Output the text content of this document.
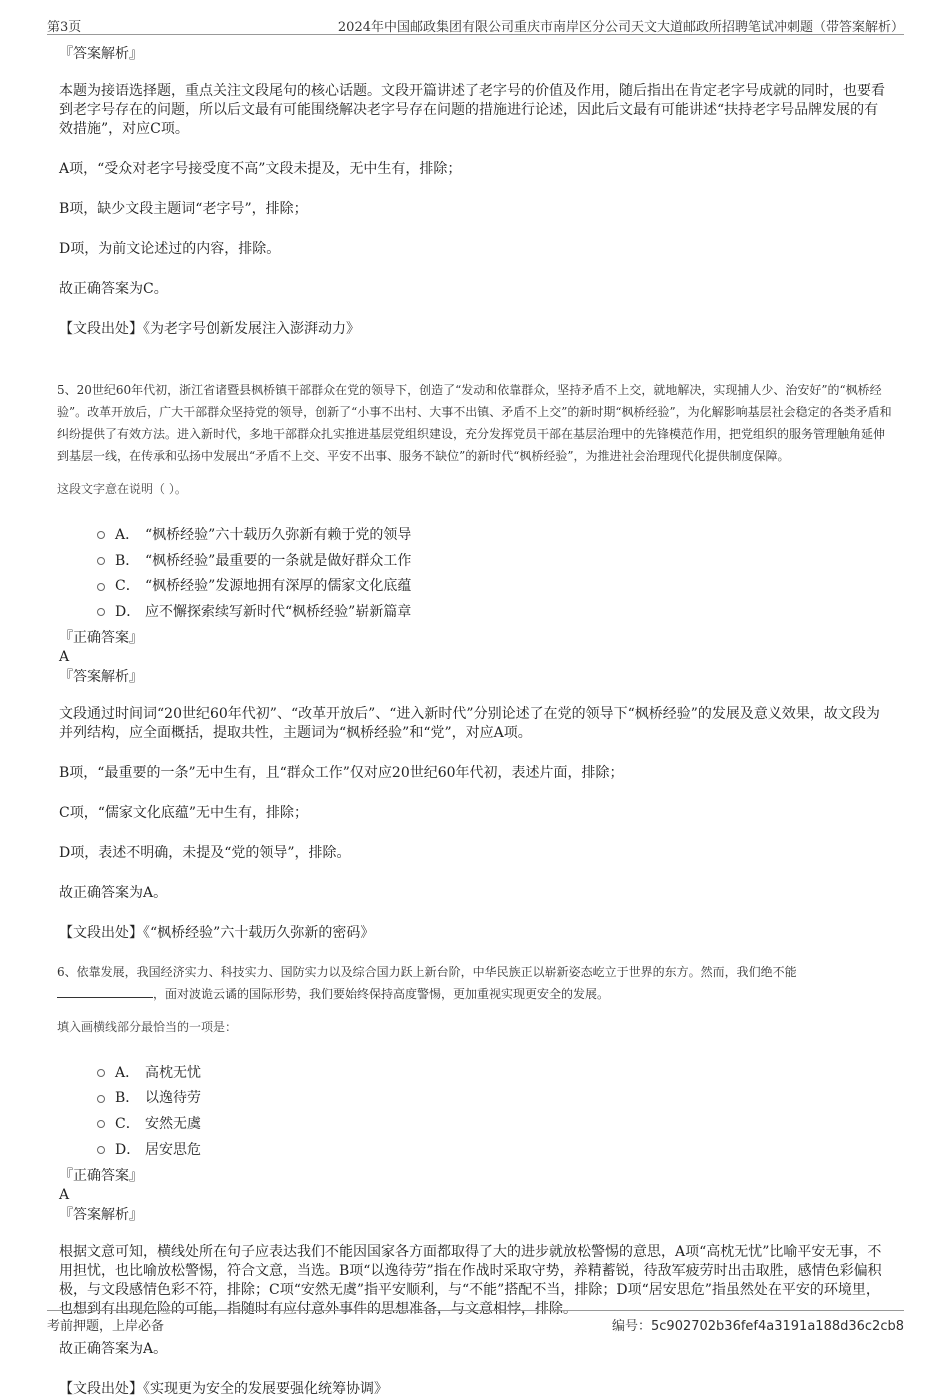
第3页	2024年中国邮政集团有限公司重庆市南岸区分公司天文大道邮政所招聘笔试冲刺题（带答案解析）

『答案解析』

本题为接语选择题，重点关注文段尾句的核心话题。文段开篇讲述了老字号的价值及作用，随后指出在肯定老字号成就的同时，也要看到老字号存在的问题，所以后文最有可能围绕解决老字号存在问题的措施进行论述，因此后文最有可能讲述“扶持老字号品牌发展的有效措施”，对应C项。

A项，“受众对老字号接受度不高”文段未提及，无中生有，排除；

B项，缺少文段主题词“老字号”，排除；

D项，为前文论述过的内容，排除。

故正确答案为C。

【文段出处】《为老字号创新发展注入澎湃动力》

5、20世纪60年代初，浙江省诸暨县枫桥镇干部群众在党的领导下，创造了“发动和依靠群众，坚持矛盾不上交，就地解决，实现捕人少、治安好”的“枫桥经验”。改革开放后，广大干部群众坚持党的领导，创新了“小事不出村、大事不出镇、矛盾不上交”的新时期“枫桥经验”，为化解影响基层社会稳定的各类矛盾和纠纷提供了有效方法。进入新时代，多地干部群众扎实推进基层党组织建设，充分发挥党员干部在基层治理中的先锋模范作用，把党组织的服务管理触角延伸到基层一线，在传承和弘扬中发展出“矛盾不上交、平安不出事、服务不缺位”的新时代“枫桥经验”，为推进社会治理现代化提供制度保障。

这段文字意在说明（ ）。

A． “枫桥经验”六十载历久弥新有赖于党的领导
B． “枫桥经验”最重要的一条就是做好群众工作
C． “枫桥经验”发源地拥有深厚的儒家文化底蕴
D． 应不懈探索续写新时代“枫桥经验”崭新篇章

『正确答案』

A

『答案解析』

文段通过时间词“20世纪60年代初”、“改革开放后”、“进入新时代”分别论述了在党的领导下“枫桥经验”的发展及意义效果，故文段为并列结构，应全面概括，提取共性，主题词为“枫桥经验”和“党”，对应A项。

B项，“最重要的一条”无中生有，且“群众工作”仅对应20世纪60年代初，表述片面，排除；

C项，“儒家文化底蕴”无中生有，排除；

D项，表述不明确，未提及“党的领导”，排除。

故正确答案为A。

【文段出处】《“枫桥经验”六十载历久弥新的密码》

6、依靠发展，我国经济实力、科技实力、国防实力以及综合国力跃上新台阶，中华民族正以崭新姿态屹立于世界的东方。然而，我们绝不能，面对波诡云谲的国际形势，我们要始终保持高度警惕，更加重视实现更安全的发展。

填入画横线部分最恰当的一项是：

A． 高枕无忧
B． 以逸待劳
C． 安然无虞
D． 居安思危

『正确答案』

A

『答案解析』

根据文意可知，横线处所在句子应表达我们不能因国家各方面都取得了大的进步就放松警惕的意思，A项“高枕无忧”比喻平安无事，不用担忧，也比喻放松警惕，符合文意，当选。B项“以逸待劳”指在作战时采取守势，养精蓄锐，待敌军疲劳时出击取胜，感情色彩偏积极，与文段感情色彩不符，排除；C项“安然无虞”指平安顺利，与“不能”搭配不当，排除；D项“居安思危”指虽然处在平安的环境里，也想到有出现危险的可能，指随时有应付意外事件的思想准备，与文意相悖，排除。

故正确答案为A。

【文段出处】《实现更为安全的发展要强化统筹协调》

考前押题，上岸必备	编号：5c902702b36fef4a3191a188d36c2cb8
